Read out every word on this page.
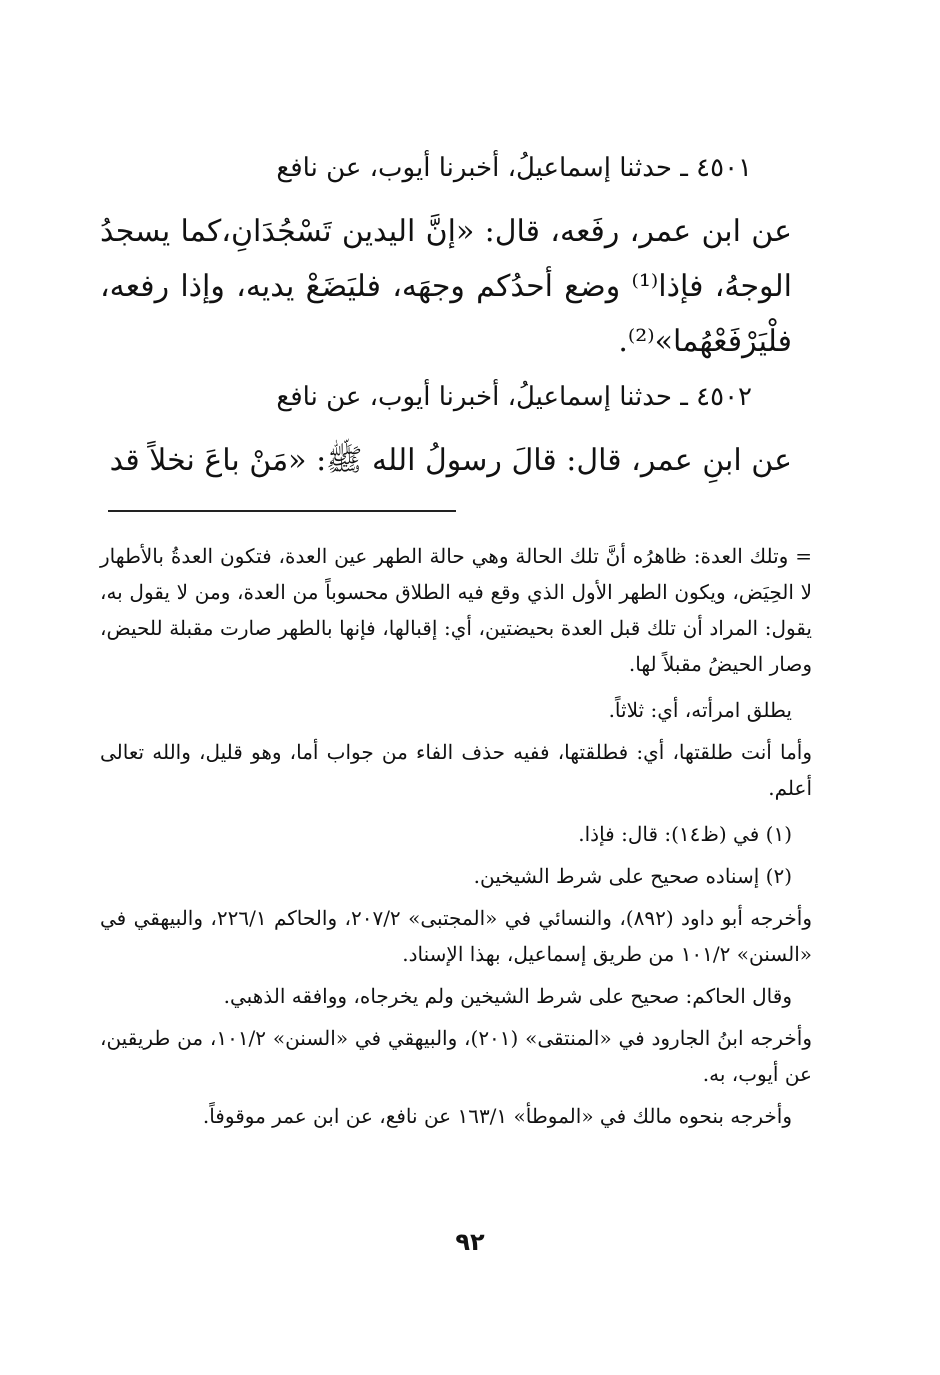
٤٥٠١ ـ حدثنا إسماعيلُ، أخبرنا أيوب، عن نافع
عن ابن عمر، رفَعه، قال: «إنَّ اليدين تَسْجُدَانِ،كما يسجدُ الوجهُ، فإذا⁽¹⁾ وضع أحدُكم وجهَه، فليَضَعْ يديه، وإذا رفعه، فلْيَرْفَعْهُما»⁽²⁾.
٤٥٠٢ ـ حدثنا إسماعيلُ، أخبرنا أيوب، عن نافع
عن ابنِ عمر، قال: قالَ رسولُ الله ﷺ: «مَنْ باعَ نخلاً قد

= وتلك العدة: ظاهرُه أنَّ تلك الحالة وهي حالة الطهر عين العدة، فتكون العدةُ بالأطهار لا الحِيَض، ويكون الطهر الأول الذي وقع فيه الطلاق محسوباً من العدة، ومن لا يقول به، يقول: المراد أن تلك قبل العدة بحيضتين، أي: إقبالها، فإنها بالطهر صارت مقبلة للحيض، وصار الحيضُ مقبلاً لها.

يطلق امرأته، أي: ثلاثاً.

وأما أنت طلقتها، أي: فطلقتها، ففيه حذف الفاء من جواب أما، وهو قليل، والله تعالى أعلم.

(١) في (ظ١٤): قال: فإذا.

(٢) إسناده صحيح على شرط الشيخين.

وأخرجه أبو داود (٨٩٢)، والنسائي في «المجتبى» ٢٠٧/٢، والحاكم ٢٢٦/١، والبيهقي في «السنن» ١٠١/٢ من طريق إسماعيل، بهذا الإسناد.

وقال الحاكم: صحيح على شرط الشيخين ولم يخرجاه، ووافقه الذهبي.

وأخرجه ابنُ الجارود في «المنتقى» (٢٠١)، والبيهقي في «السنن» ١٠١/٢، من طريقين، عن أيوب، به.

وأخرجه بنحوه مالك في «الموطأ» ١٦٣/١ عن نافع، عن ابن عمر موقوفاً.

٩٢
